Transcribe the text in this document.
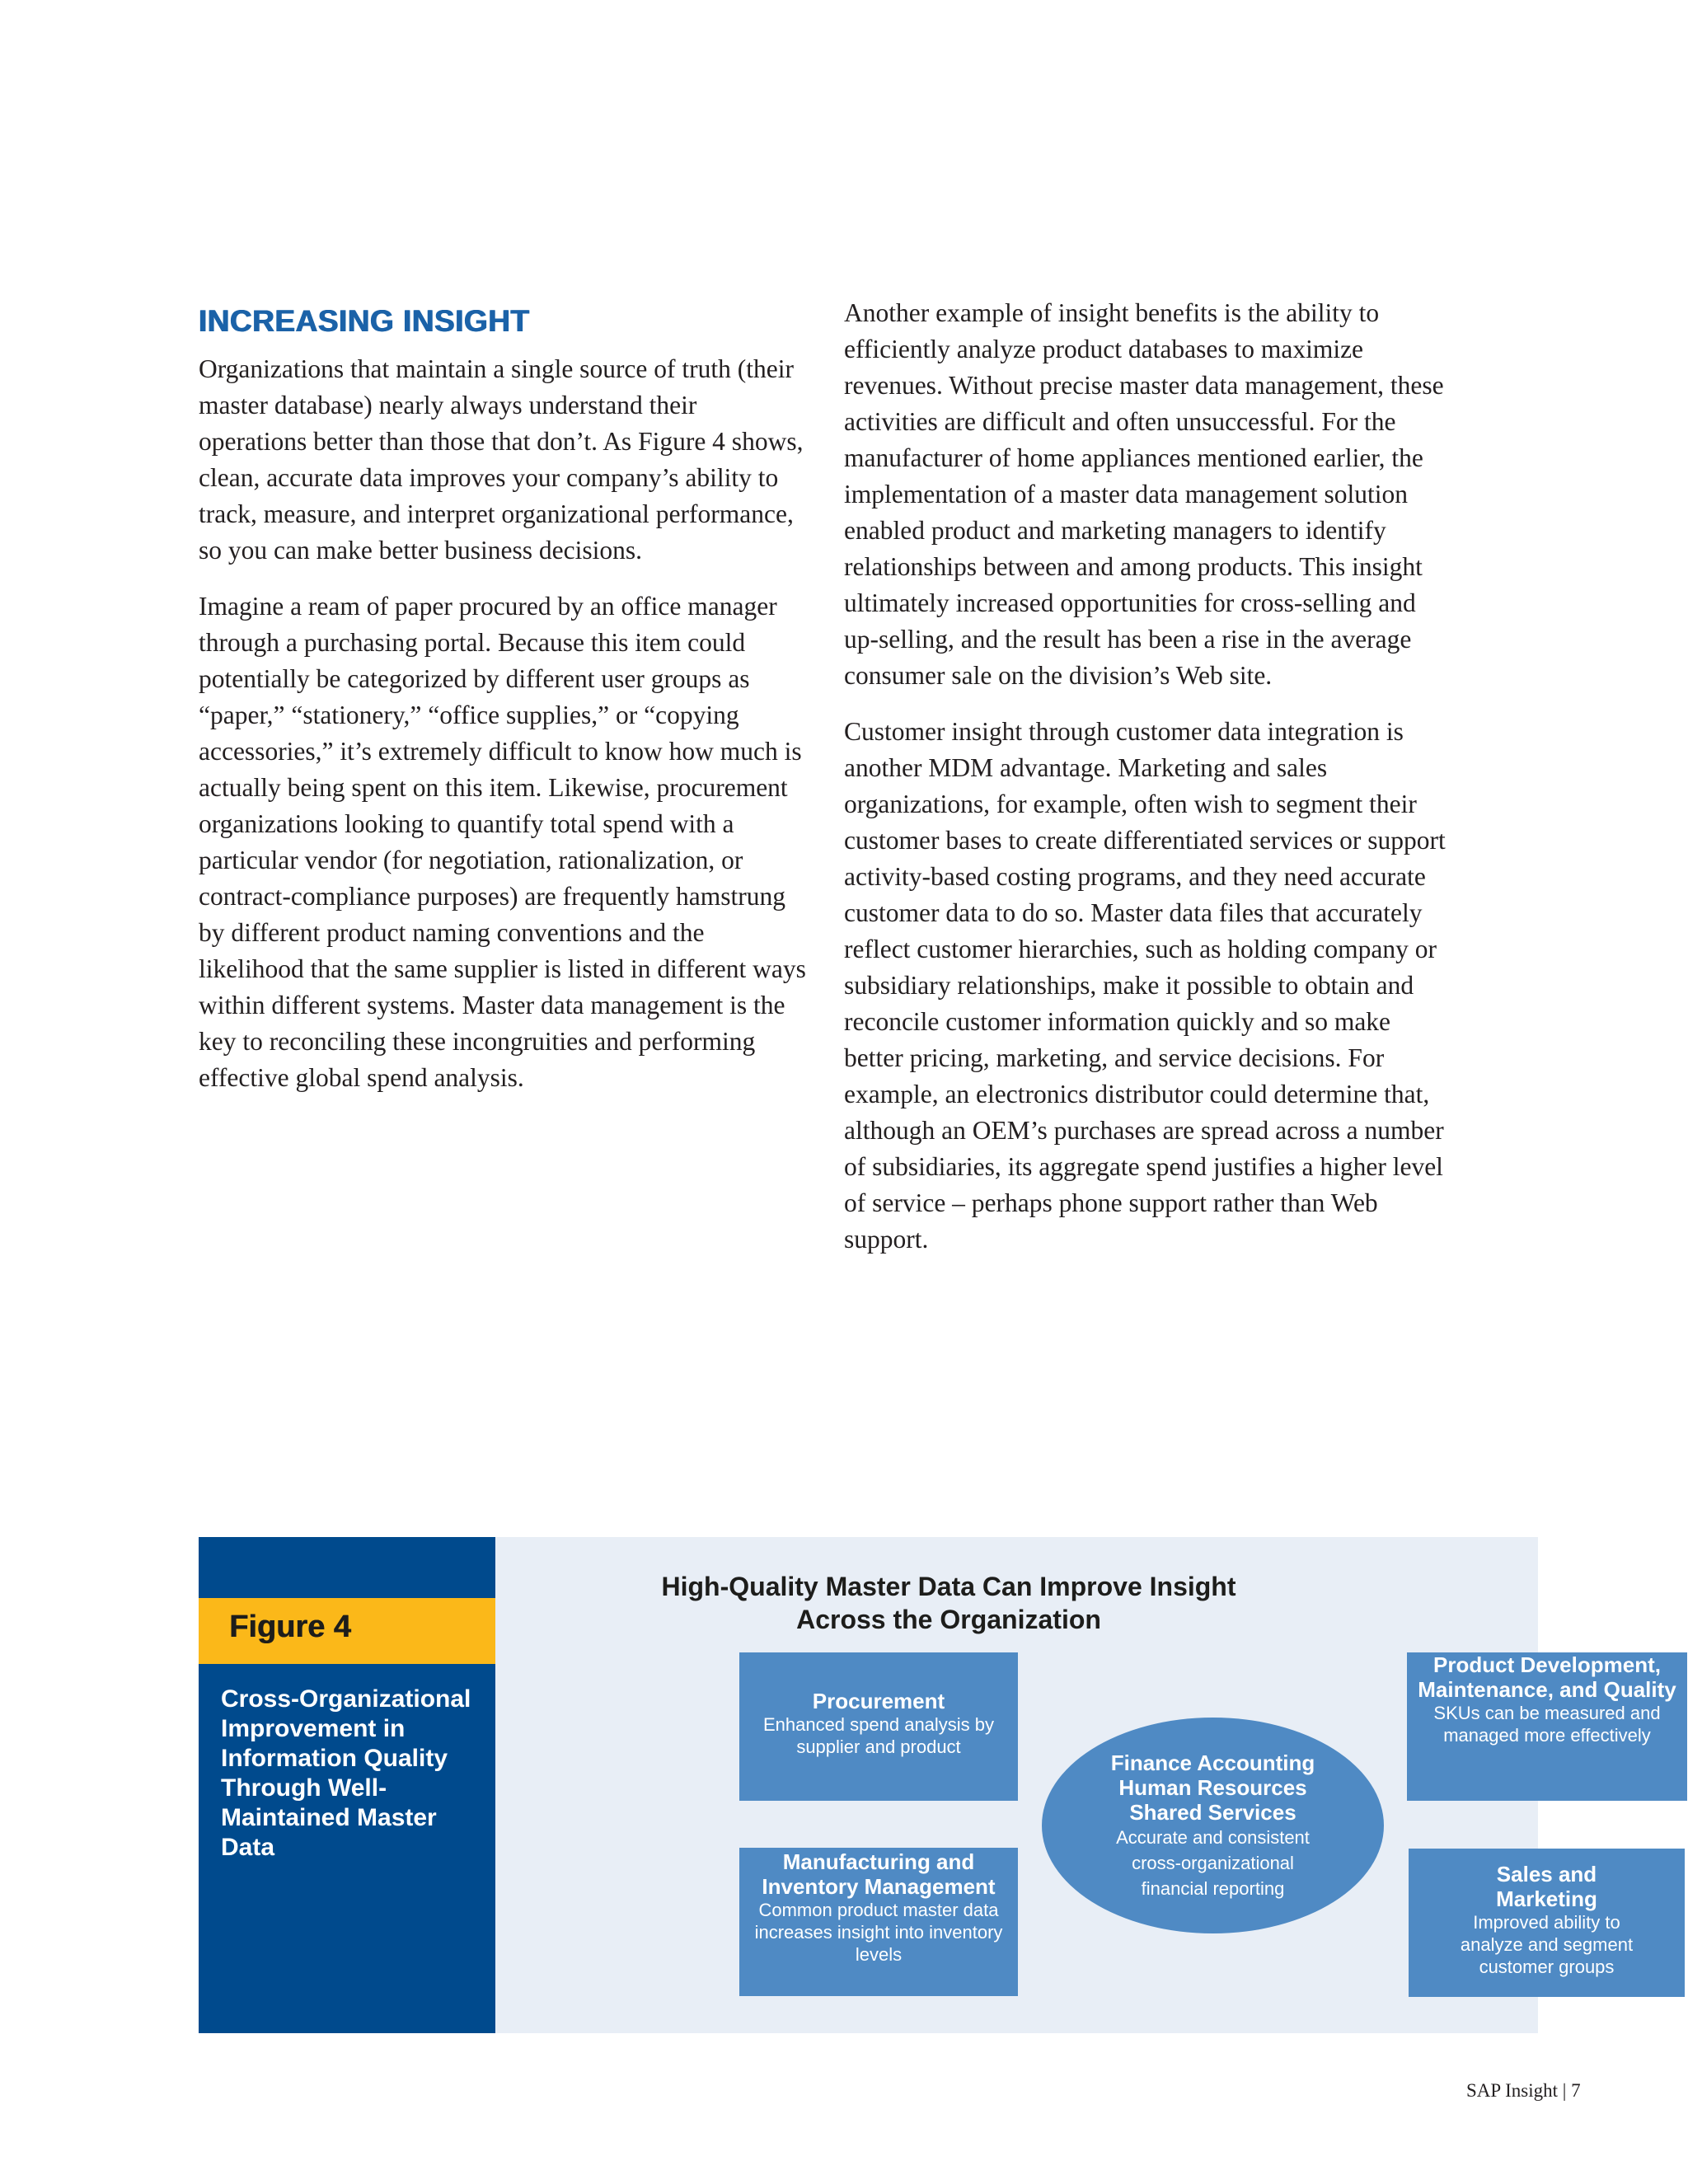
INCREASING INSIGHT

Organizations that maintain a single source of truth (their master database) nearly always understand their operations better than those that don’t. As Figure 4 shows, clean, accurate data improves your company’s ability to track, measure, and interpret organizational performance, so you can make better business decisions.

Imagine a ream of paper procured by an office manager through a purchasing portal. Because this item could potentially be categorized by different user groups as “paper,” “stationery,” “office supplies,” or “copying accessories,” it’s extremely difficult to know how much is actually being spent on this item. Likewise, procurement organizations looking to quantify total spend with a particular vendor (for negotiation, rationalization, or contract-compliance purposes) are frequently hamstrung by different product naming conventions and the likelihood that the same supplier is listed in different ways within different systems. Master data management is the key to reconciling these incongruities and performing effective global spend analysis.

Another example of insight benefits is the ability to efficiently analyze product databases to maximize revenues. Without precise master data management, these activities are difficult and often unsuccessful. For the manufacturer of home appliances mentioned earlier, the implementation of a master data management solution enabled product and marketing managers to identify relationships between and among products. This insight ultimately increased opportunities for cross-selling and up-selling, and the result has been a rise in the average consumer sale on the division’s Web site.

Customer insight through customer data integration is another MDM advantage. Marketing and sales organizations, for example, often wish to segment their customer bases to create differentiated services or support activity-based costing programs, and they need accurate customer data to do so. Master data files that accurately reflect customer hierarchies, such as holding company or subsidiary relationships, make it possible to obtain and reconcile customer information quickly and so make better pricing, marketing, and service decisions. For example, an electronics distributor could determine that, although an OEM’s purchases are spread across a number of subsidiaries, its aggregate spend justifies a higher level of service – perhaps phone support rather than Web support.

Figure 4
Cross-Organizational Improvement in Information Quality Through Well-Maintained Master Data
High-Quality Master Data Can Improve Insight
Across the Organization
Procurement
Enhanced spend analysis by supplier and product
Manufacturing and Inventory Management
Common product master data increases insight into inventory levels
Finance Accounting
Human Resources
Shared Services
Accurate and consistent cross-organizational financial reporting
Product Development, Maintenance, and Quality
SKUs can be measured and managed more effectively
Sales and Marketing
Improved ability to analyze and segment customer groups
SAP Insight | 7
